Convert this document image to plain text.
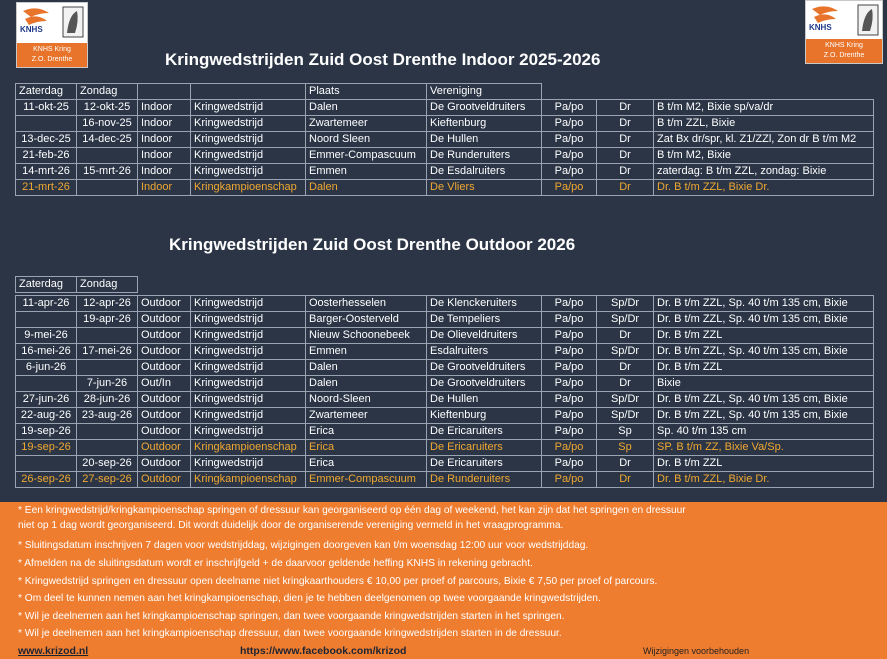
KNHS
KNHS Kring
Z.O. Drenthe
KNHS
KNHS Kring
Z.O. Drenthe
Kringwedstrijden Zuid Oost Drenthe Indoor 2025-2026
Zaterdag	Zondag			Plaats	Vereniging			
11-okt-25	12-okt-25	Indoor	Kringwedstrijd	Dalen	De Grootveldruiters	Pa/po	Dr	B t/m M2, Bixie sp/va/dr
	16-nov-25	Indoor	Kringwedstrijd	Zwartemeer	Kieftenburg	Pa/po	Dr	B t/m ZZL, Bixie
13-dec-25	14-dec-25	Indoor	Kringwedstrijd	Noord Sleen	De Hullen	Pa/po	Dr	Zat Bx dr/spr, kl. Z1/ZZl, Zon dr B t/m M2
21-feb-26		Indoor	Kringwedstrijd	Emmer-Compascuum	De Runderuiters	Pa/po	Dr	B t/m M2, Bixie
14-mrt-26	15-mrt-26	Indoor	Kringwedstrijd	Emmen	De Esdalruiters	Pa/po	Dr	zaterdag: B t/m ZZL, zondag: Bixie
21-mrt-26		Indoor	Kringkampioenschap	Dalen	De Vliers	Pa/po	Dr	Dr. B t/m ZZL, Bixie Dr.
Kringwedstrijden Zuid Oost Drenthe Outdoor 2026
Zaterdag	Zondag							

11-apr-26	12-apr-26	Outdoor	Kringwedstrijd	Oosterhesselen	De Klenckeruiters	Pa/po	Sp/Dr	Dr. B t/m ZZL, Sp. 40 t/m 135 cm, Bixie
	19-apr-26	Outdoor	Kringwedstrijd	Barger-Oosterveld	De Tempeliers	Pa/po	Sp/Dr	Dr. B t/m ZZL, Sp. 40 t/m 135 cm, Bixie
9-mei-26		Outdoor	Kringwedstrijd	Nieuw Schoonebeek	De Olieveldruiters	Pa/po	Dr	Dr. B t/m ZZL
16-mei-26	17-mei-26	Outdoor	Kringwedstrijd	Emmen	Esdalruiters	Pa/po	Sp/Dr	Dr. B t/m ZZL, Sp. 40 t/m 135 cm, Bixie
6-jun-26		Outdoor	Kringwedstrijd	Dalen	De Grootveldruiters	Pa/po	Dr	Dr. B t/m ZZL
	7-jun-26	Out/In	Kringwedstrijd	Dalen	De Grootveldruiters	Pa/po	Dr	Bixie
27-jun-26	28-jun-26	Outdoor	Kringwedstrijd	Noord-Sleen	De Hullen	Pa/po	Sp/Dr	Dr. B t/m ZZL, Sp. 40 t/m 135 cm, Bixie
22-aug-26	23-aug-26	Outdoor	Kringwedstrijd	Zwartemeer	Kieftenburg	Pa/po	Sp/Dr	Dr. B t/m ZZL, Sp. 40 t/m 135 cm, Bixie
19-sep-26		Outdoor	Kringwedstrijd	Erica	De Ericaruiters	Pa/po	Sp	Sp. 40 t/m 135 cm
19-sep-26		Outdoor	Kringkampioenschap	Erica	De Ericaruiters	Pa/po	Sp	SP. B t/m ZZ, Bixie Va/Sp.
	20-sep-26	Outdoor	Kringwedstrijd	Erica	De Ericaruiters	Pa/po	Dr	Dr. B t/m ZZL
26-sep-26	27-sep-26	Outdoor	Kringkampioenschap	Emmer-Compascuum	De Runderuiters	Pa/po	Dr	Dr. B t/m ZZL, Bixie Dr.

* Een kringwedstrijd/kringkampioenschap springen of dressuur kan georganiseerd op één dag of weekend, het kan zijn dat het springen en dressuur

niet op 1 dag wordt georganiseerd. Dit wordt duidelijk door de organiserende vereniging vermeld in het vraagprogramma.

* Sluitingsdatum inschrijven 7 dagen voor wedstrijddag, wijzigingen doorgeven kan t/m woensdag 12:00 uur voor wedstrijddag.

* Afmelden na de sluitingsdatum wordt er inschrijfgeld + de daarvoor geldende heffing KNHS in rekening gebracht.

* Kringwedstrijd springen en dressuur open deelname niet kringkaarthouders € 10,00 per proef of parcours, Bixie € 7,50 per proef of parcours.

* Om deel te kunnen nemen aan het kringkampioenschap, dien je te hebben deelgenomen op twee voorgaande kringwedstrijden.

* Wil je deelnemen aan het kringkampioenschap springen, dan twee voorgaande kringwedstrijden starten in het springen.

* Wil je deelnemen aan het kringkampioenschap dressuur, dan twee voorgaande kringwedstrijden starten in de dressuur.

www.krizod.nl	https://www.facebook.com/krizod	Wijzigingen voorbehouden
